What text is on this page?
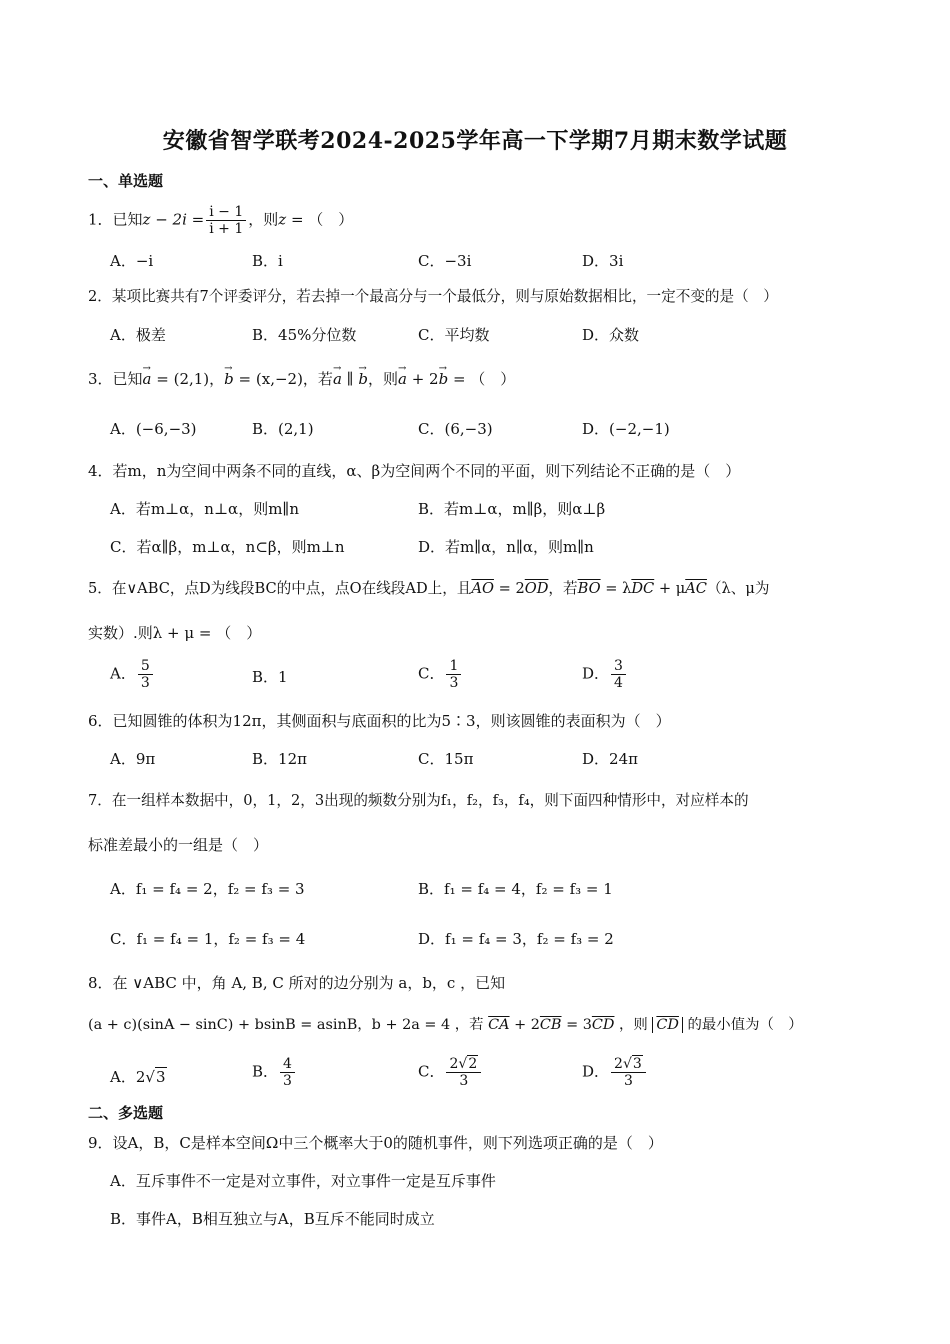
安徽省智学联考2024-2025学年高一下学期7月期末数学试题
一、单选题
1．已知$z - 2i = \frac{i - 1}{i + 1}$ ，则z = （　）
A．−i	B．i	C．−3i	D．3i
2．某项比赛共有7个评委评分，若去掉一个最高分与一个最低分，则与原始数据相比，一定不变的是（　）
A．极差	B．45%分位数	C．平均数	D．众数
3．已知→ a = (2,1)，→ b = (x,−2)，若→ a ∥ → b，则→ a + 2→ b = （　）
A．(−6,−3)	B．(2,1)	C．(6,−3)	D．(−2,−1)
4．若m，n为空间中两条不同的直线，α、β为空间两个不同的平面，则下列结论不正确的是（　）
A．若m⊥α，n⊥α，则m∥n	B．若m⊥α，m∥β，则α⊥β
C．若α∥β，m⊥α，n⊂β，则m⊥n	D．若m∥α，n∥α，则m∥n
5．在∨ABC，点D为线段BC的中点，点O在线段AD上，且$\overline{AO} = 2\overline{OD}$，若$\overline{BO} = \lambda\overline{DC} + \mu\overline{AC}(\lambda$、μ为
实数）.则λ + μ = （　）
A． $\frac{5}{3}$	B．1	C． $\frac{1}{3}$	D． $\frac{3}{4}$
6．已知圆锥的体积为12π，其侧面积与底面积的比为5∶3，则该圆锥的表面积为（　）
A．9π	B．12π	C．15π	D．24π
7．在一组样本数据中，0，1，2，3出现的频数分别为f₁，f₂，f₃，f₄，则下面四种情形中，对应样本的
标准差最小的一组是（　）
A．f₁ = f₄ = 2，f₂ = f₃ = 3	B．f₁ = f₄ = 4，f₂ = f₃ = 1
C．f₁ = f₄ = 1，f₂ = f₃ = 4	D．f₁ = f₄ = 3，f₂ = f₃ = 2
8．在 ∨ABC 中，角 A, B, C 所对的边分别为 a，b，c ，已知
(a + c)(sinA − sinC) + bsinB = asinB，b + 2a = 4 ，若 $\overline{CA} + 2\overline{CB} = 3\overline{CD}$ ，则 $\overline{CD}$ 的最小值为（　）
A．2√3	B． $\frac{4}{3}$	C． $\frac{2√2}{3}$	D． $\frac{2√3}{3}$
二、多选题
9．设A，B，C是样本空间Ω中三个概率大于0的随机事件，则下列选项正确的是（　）
A．互斥事件不一定是对立事件，对立事件一定是互斥事件
B．事件A，B相互独立与A，B互斥不能同时成立
